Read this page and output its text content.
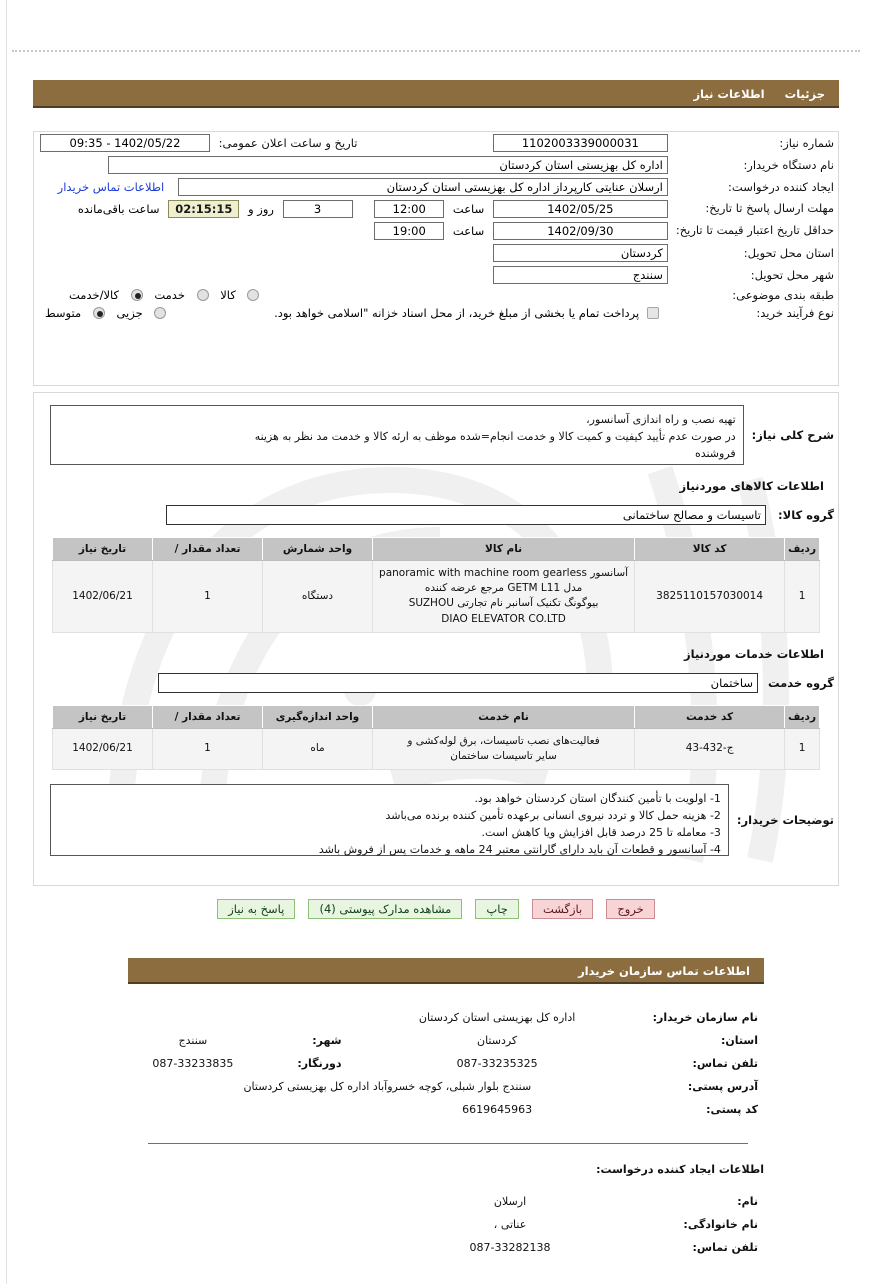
جزئیات اطلاعات نیاز
شماره نیاز:	1102003339000031	تاریخ و ساعت اعلان عمومی: 1402/05/22 - 09:35
نام دستگاه خریدار:	اداره کل بهزیستی استان کردستان	
ایجاد کننده درخواست:	ارسلان عنایتی کارپرداز اداره کل بهزیستی استان کردستان اطلاعات تماس خریدار	
مهلت ارسال پاسخ تا تاریخ:	1402/05/25 ساعت 12:00 3 روز و 02:15:15 ساعت باقی‌مانده	
حداقل تاریخ اعتبار قیمت تا تاریخ:	1402/09/30 ساعت 19:00	
استان محل تحویل:	کردستان	
شهر محل تحویل:	سنندج	
طبقه بندی موضوعی:	کالا  خدمت  کالا/خدمت	
نوع فرآیند خرید:	پرداخت تمام یا بخشی از مبلغ خرید، از محل اسناد خزانه "اسلامی خواهد بود.
جزیی  متوسط	
شرح کلی نیاز:	
تهیه نصب و راه اندازی آسانسور،
در صورت عدم تأیید کیفیت و کمیت کالا و خدمت انجام=شده موظف به ارئه کالا و خدمت مد نظر به هزینه
فروشنده
اطلاعات کالاهای موردنیاز
گروه کالا:	تاسیسات و مصالح ساختمانی
ردیف	کد کالا	نام کالا	واحد شمارش	تعداد مقدار /	تاریخ نیاز
1	3825110157030014	آسانسور panoramic with machine room gearless
مدل GETM L11 مرجع عرضه کننده
بیوگونگ تکنیک آسانبر نام تجارتی SUZHOU
DIAO ELEVATOR CO.LTD	دستگاه	1	1402/06/21
اطلاعات خدمات موردنیاز
گروه خدمت	ساختمان
ردیف	کد خدمت	نام خدمت	واحد اندازه‌گیری	تعداد مقدار /	تاریخ نیاز
1	ج-432-43	فعالیت‌های نصب تاسیسات، برق لوله‌کشی و
سایر تاسیسات ساختمان	ماه	1	1402/06/21
توضیحات خریدار:	
1- اولویت با تأمین کنندگان استان کردستان خواهد بود.
2- هزینه حمل کالا و تردد نیروی انسانی برعهده تأمین کننده برنده می‌باشد
3- معامله تا 25 درصد قابل افزایش ویا کاهش است.
4- آسانسور و قطعات آن باید دارای گارانتی معتبر 24 ماهه و خدمات پس از فروش باشد
خروج بازگشت چاپ مشاهده مدارک پیوستی (4) پاسخ به نیاز
اطلاعات تماس سازمان خریدار
نام سازمان خریدار:	اداره کل بهزیستی استان کردستان		
استان:	کردستان	شهر:	سنندج
تلفن تماس:	087-33235325	دورنگار:	087-33233835
آدرس پستی:	سنندج بلوار شبلی، کوچه خسروآباد اداره کل بهزیستی کردستان		
کد پستی:	6619645963		
اطلاعات ایجاد کننده درخواست:
نام:	ارسلان	
نام خانوادگی:	عناتی ،	
تلفن تماس:	087-33282138	
